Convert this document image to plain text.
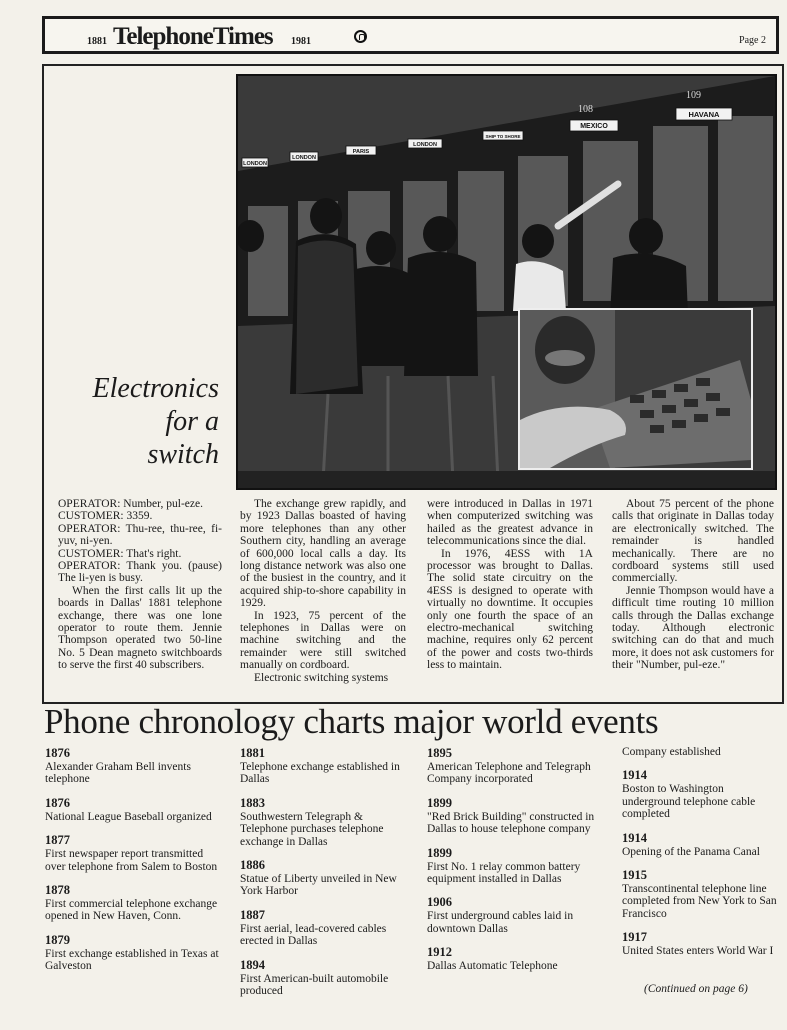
1881 TelephoneTimes 1981	Page 2
LONDON
LONDON
PARIS
LONDON
SHIP TO SHORE
MEXICO
HAVANA
108
109
Electronics
for a
switch

OPERATOR: Number, pul-eze.

CUSTOMER: 3359.

OPERATOR: Thu-ree, thu-ree, fi-yuv, ni-yen.

CUSTOMER: That's right.

OPERATOR: Thank you. (pause) The li-yen is busy.

When the first calls lit up the boards in Dallas' 1881 telephone exchange, there was one lone operator to route them. Jennie Thompson operated two 50-line No. 5 Dean magneto switchboards to serve the first 40 subscribers.

The exchange grew rapidly, and by 1923 Dallas boasted of having more telephones than any other Southern city, handling an average of 600,000 local calls a day. Its long distance network was also one of the busiest in the country, and it acquired ship-to-shore capability in 1929.

In 1923, 75 percent of the telephones in Dallas were on machine switching and the remainder were still switched manually on cordboard.

Electronic switching systems

were introduced in Dallas in 1971 when computerized switching was hailed as the greatest advance in telecommunications since the dial.

In 1976, 4ESS with 1A processor was brought to Dallas. The solid state circuitry on the 4ESS is designed to operate with virtually no downtime. It occupies only one fourth the space of an electro-mechanical switching machine, requires only 62 percent of the power and costs two-thirds less to maintain.

About 75 percent of the phone calls that originate in Dallas today are electronically switched. The remainder is handled mechanically. There are no cordboard systems still used commercially.

Jennie Thompson would have a difficult time routing 10 million calls through the Dallas exchange today. Although electronic switching can do that and much more, it does not ask customers for their "Number, pul-eze."

Phone chronology charts major world events
1876
Alexander Graham Bell invents telephone
1876
National League Baseball organized
1877
First newspaper report transmitted over telephone from Salem to Boston
1878
First commercial telephone exchange opened in New Haven, Conn.
1879
First exchange established in Texas at Galveston
1881
Telephone exchange established in Dallas
1883
Southwestern Telegraph & Telephone purchases telephone exchange in Dallas
1886
Statue of Liberty unveiled in New York Harbor
1887
First aerial, lead-covered cables erected in Dallas
1894
First American-built automobile produced
1895
American Telephone and Telegraph Company incorporated
1899
"Red Brick Building" constructed in Dallas to house telephone company
1899
First No. 1 relay common battery equipment installed in Dallas
1906
First underground cables laid in downtown Dallas
1912
Dallas Automatic Telephone
Company established
1914
Boston to Washington underground telephone cable completed
1914
Opening of the Panama Canal
1915
Transcontinental telephone line completed from New York to San Francisco
1917
United States enters World War I
(Continued on page 6)
